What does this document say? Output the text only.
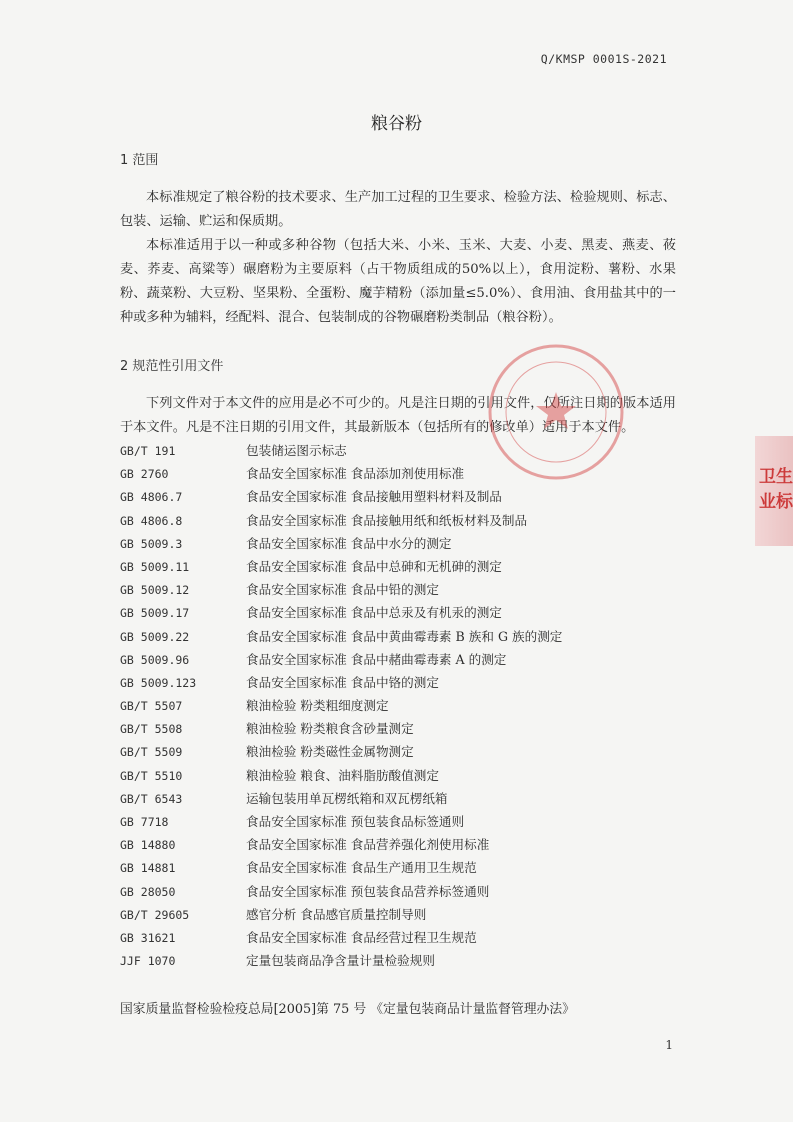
Q/KMSP 0001S-2021
粮谷粉
1 范围
本标准规定了粮谷粉的技术要求、生产加工过程的卫生要求、检验方法、检验规则、标志、包装、运输、贮运和保质期。
本标准适用于以一种或多种谷物（包括大米、小米、玉米、大麦、小麦、黑麦、燕麦、莜麦、荞麦、高粱等）碾磨粉为主要原料（占干物质组成的50%以上），食用淀粉、薯粉、水果粉、蔬菜粉、大豆粉、坚果粉、全蛋粉、魔芋精粉（添加量≤5.0%）、食用油、食用盐其中的一种或多种为辅料，经配料、混合、包装制成的谷物碾磨粉类制品（粮谷粉）。
2 规范性引用文件
下列文件对于本文件的应用是必不可少的。凡是注日期的引用文件，仅所注日期的版本适用于本文件。凡是不注日期的引用文件，其最新版本（包括所有的修改单）适用于本文件。
GB/T 191	包装储运图示标志
GB 2760	食品安全国家标准 食品添加剂使用标准
GB 4806.7	食品安全国家标准 食品接触用塑料材料及制品
GB 4806.8	食品安全国家标准 食品接触用纸和纸板材料及制品
GB 5009.3	食品安全国家标准 食品中水分的测定
GB 5009.11	食品安全国家标准 食品中总砷和无机砷的测定
GB 5009.12	食品安全国家标准 食品中铅的测定
GB 5009.17	食品安全国家标准 食品中总汞及有机汞的测定
GB 5009.22	食品安全国家标准 食品中黄曲霉毒素 B 族和 G 族的测定
GB 5009.96	食品安全国家标准 食品中赭曲霉毒素 A 的测定
GB 5009.123	食品安全国家标准 食品中铬的测定
GB/T 5507	粮油检验 粉类粗细度测定
GB/T 5508	粮油检验 粉类粮食含砂量测定
GB/T 5509	粮油检验 粉类磁性金属物测定
GB/T 5510	粮油检验 粮食、油料脂肪酸值测定
GB/T 6543	运输包装用单瓦楞纸箱和双瓦楞纸箱
GB 7718	食品安全国家标准 预包装食品标签通则
GB 14880	食品安全国家标准 食品营养强化剂使用标准
GB 14881	食品安全国家标准 食品生产通用卫生规范
GB 28050	食品安全国家标准 预包装食品营养标签通则
GB/T 29605	感官分析 食品感官质量控制导则
GB 31621	食品安全国家标准 食品经营过程卫生规范
JJF 1070	定量包装商品净含量计量检验规则
国家质量监督检验检疫总局[2005]第 75 号 《定量包装商品计量监督管理办法》
1
卫生
业标
